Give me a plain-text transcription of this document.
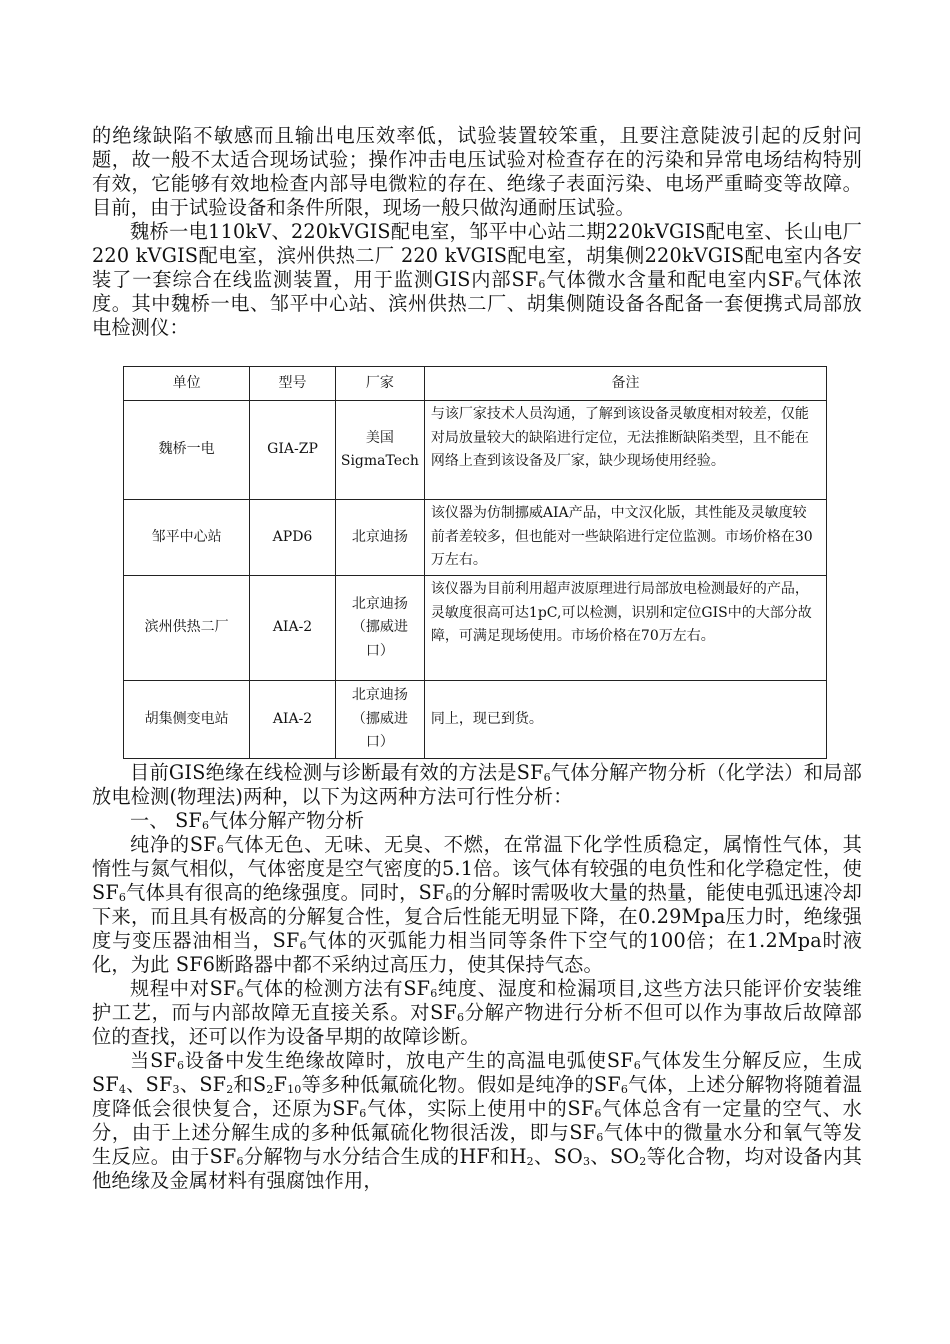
的绝缘缺陷不敏感而且输出电压效率低，试验装置较笨重，且要注意陡波引起的反射问题，故一般不太适合现场试验；操作冲击电压试验对检查存在的污染和异常电场结构特别有效，它能够有效地检查内部导电微粒的存在、绝缘子表面污染、电场严重畸变等故障。目前，由于试验设备和条件所限，现场一般只做沟通耐压试验。

魏桥一电110kV、220kVGIS配电室，邹平中心站二期220kVGIS配电室、长山电厂 220 kVGIS配电室，滨州供热二厂 220 kVGIS配电室，胡集侧220kVGIS配电室内各安装了一套综合在线监测装置，用于监测GIS内部$SF_6$气体微水含量和配电室内$SF_6$气体浓度。其中魏桥一电、邹平中心站、滨州供热二厂、胡集侧随设备各配备一套便携式局部放电检测仪：

单位	型号	厂家	备注
魏桥一电	GIA-ZP	美国
SigmaTech	与该厂家技术人员沟通，了解到该设备灵敏度相对较差，仅能对局放量较大的缺陷进行定位，无法推断缺陷类型，且不能在网络上查到该设备及厂家，缺少现场使用经验。
邹平中心站	APD6	北京迪扬	该仪器为仿制挪威AIA产品，中文汉化版，其性能及灵敏度较前者差较多，但也能对一些缺陷进行定位监测。市场价格在30万左右。
滨州供热二厂	AIA-2	北京迪扬
（挪威进
口）	该仪器为目前利用超声波原理进行局部放电检测最好的产品，灵敏度很高可达1pC,可以检测，识别和定位GIS中的大部分故障，可满足现场使用。市场价格在70万左右。
胡集侧变电站	AIA-2	北京迪扬
（挪威进
口）	同上，现已到货。

目前GIS绝缘在线检测与诊断最有效的方法是$SF_6$气体分解产物分析（化学法）和局部放电检测(物理法)两种，以下为这两种方法可行性分析：

一、 $SF_6$气体分解产物分析

纯净的$SF_6$气体无色、无味、无臭、不燃，在常温下化学性质稳定，属惰性气体，其惰性与氮气相似，气体密度是空气密度的5.1倍。该气体有较强的电负性和化学稳定性，使$SF_6$气体具有很高的绝缘强度。同时，$SF_6$的分解时需吸收大量的热量，能使电弧迅速冷却下来，而且具有极高的分解复合性，复合后性能无明显下降，在0.29Mpa压力时，绝缘强度与变压器油相当，$SF_6$气体的灭弧能力相当同等条件下空气的100倍；在1.2Mpa时液化，为此 SF6断路器中都不采纳过高压力，使其保持气态。

规程中对$SF_6$气体的检测方法有$SF_6$纯度、湿度和检漏项目,这些方法只能评价安装维护工艺，而与内部故障无直接关系。对$SF_6$分解产物进行分析不但可以作为事故后故障部位的查找，还可以作为设备早期的故障诊断。

当$SF_6$设备中发生绝缘故障时，放电产生的高温电弧使$SF_6$气体发生分解反应，生成$SF_4$、$SF_3$、$SF_2$和$S_2F_{10}$等多种低氟硫化物。假如是纯净的$SF_6$气体，上述分解物将随着温度降低会很快复合，还原为$SF_6$气体，实际上使用中的$SF_6$气体总含有一定量的空气、水分，由于上述分解生成的多种低氟硫化物很活泼，即与$SF_6$气体中的微量水分和氧气等发生反应。由于$SF_6$分解物与水分结合生成的HF和$H_2$、$SO_3$、$SO_2$等化合物，均对设备内其他绝缘及金属材料有强腐蚀作用，
